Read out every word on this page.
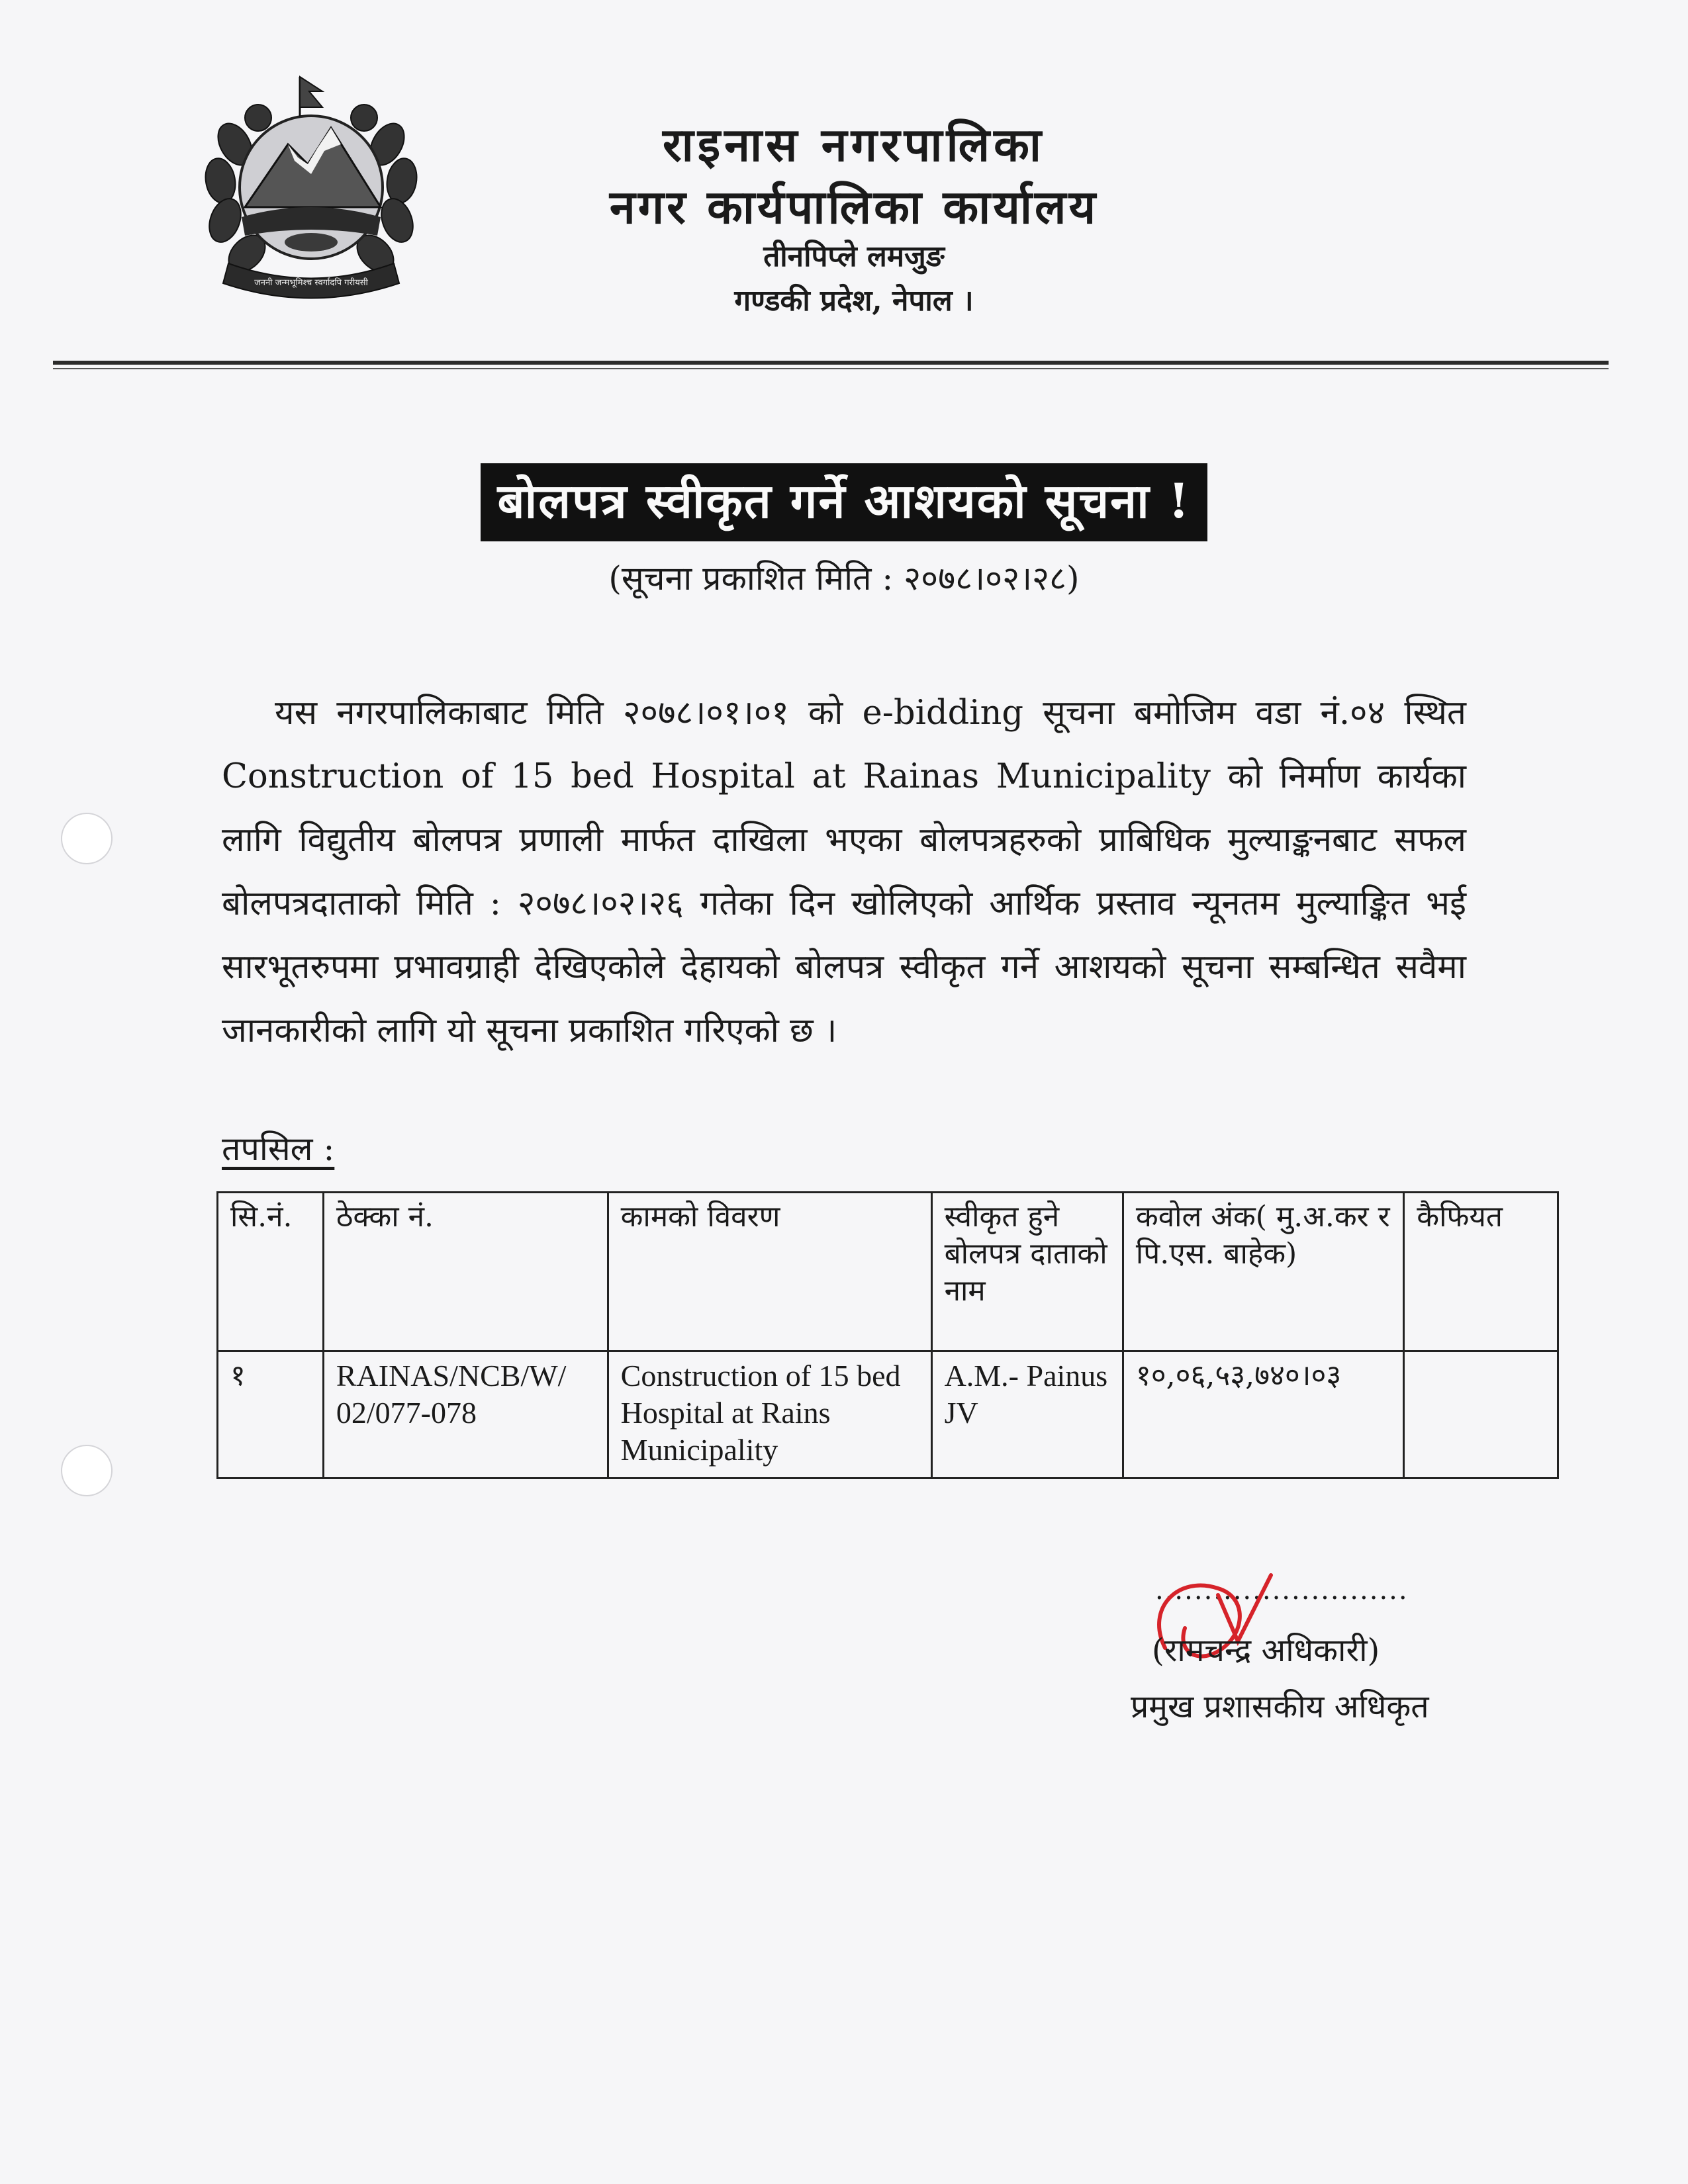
जननी जन्मभूमिश्च स्वर्गादपि गरीयसी
राइनास नगरपालिका
नगर कार्यपालिका कार्यालय
तीनपिप्ले लमजुङ
गण्डकी प्रदेश, नेपाल ।
बोलपत्र स्वीकृत गर्ने आशयको सूचना !
(सूचना प्रकाशित मिति : २०७८।०२।२८)
यस नगरपालिकाबाट मिति २०७८।०१।०१ को e-bidding सूचना बमोजिम वडा नं.०४ स्थित Construction of 15 bed Hospital at Rainas Municipality को निर्माण कार्यका लागि विद्युतीय बोलपत्र प्रणाली मार्फत दाखिला भएका बोलपत्रहरुको प्राबिधिक मुल्याङ्कनबाट सफल बोलपत्रदाताको मिति : २०७८।०२।२६ गतेका दिन खोलिएको आर्थिक प्रस्ताव न्यूनतम मुल्याङ्कित भई सारभूतरुपमा प्रभावग्राही देखिएकोले देहायको बोलपत्र स्वीकृत गर्ने आशयको सूचना सम्बन्धित सवैमा जानकारीको लागि यो सूचना प्रकाशित गरिएको छ ।
तपसिल :
सि.नं.	ठेक्का नं.	कामको विवरण	स्वीकृत हुने बोलपत्र दाताको नाम	कवोल अंक( मु.अ.कर र पि.एस. बाहेक)	कैफियत
१	RAINAS/NCB/W/ 02/077-078	Construction of 15 bed Hospital at Rains Municipality	A.M.- Painus JV	१०,०६,५३,७४०।०३	
..........................
(रामचन्द्र अधिकारी)
प्रमुख प्रशासकीय अधिकृत
